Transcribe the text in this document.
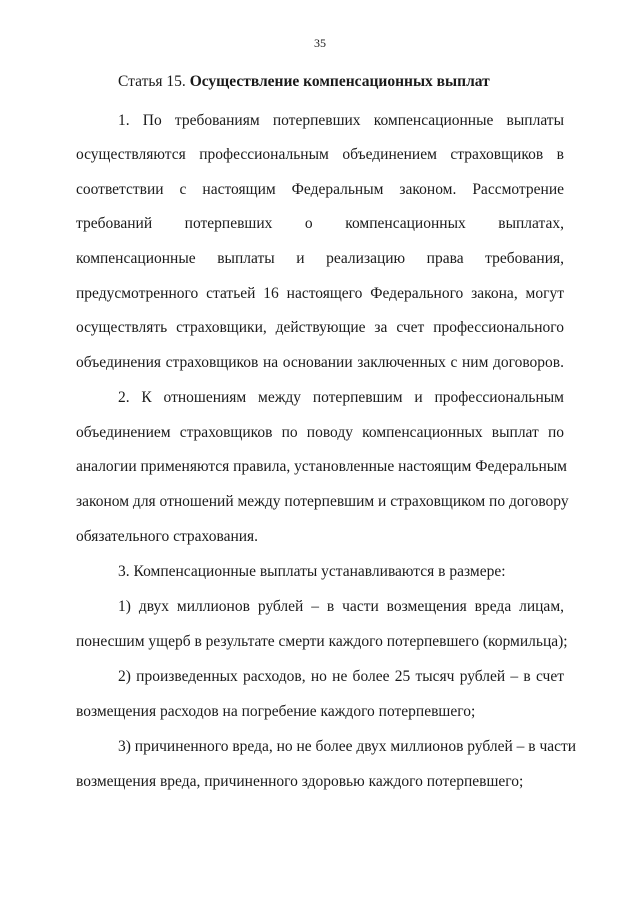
35
Статья 15. Осуществление компенсационных выплат
1. По требованиям потерпевших компенсационные выплаты
осуществляются профессиональным объединением страховщиков в
соответствии с настоящим Федеральным законом. Рассмотрение
требований потерпевших о компенсационных выплатах,
компенсационные выплаты и реализацию права требования,
предусмотренного статьей 16 настоящего Федерального закона, могут
осуществлять страховщики, действующие за счет профессионального
объединения страховщиков на основании заключенных с ним договоров.
2. К отношениям между потерпевшим и профессиональным
объединением страховщиков по поводу компенсационных выплат по
аналогии применяются правила, установленные настоящим Федеральным
законом для отношений между потерпевшим и страховщиком по договору
обязательного страхования.
3. Компенсационные выплаты устанавливаются в размере:
1) двух миллионов рублей – в части возмещения вреда лицам,
понесшим ущерб в результате смерти каждого потерпевшего (кормильца);
2) произведенных расходов, но не более 25 тысяч рублей – в счет
возмещения расходов на погребение каждого потерпевшего;
3) причиненного вреда, но не более двух миллионов рублей – в части
возмещения вреда, причиненного здоровью каждого потерпевшего;
